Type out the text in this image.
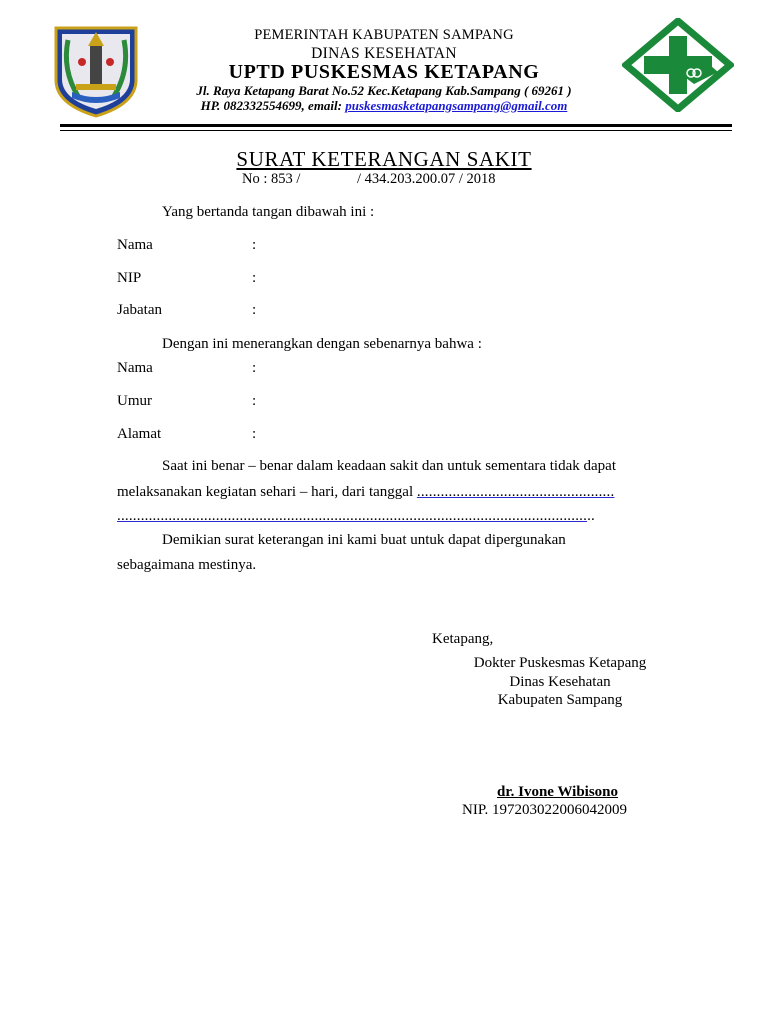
PEMERINTAH KABUPATEN SAMPANG
DINAS KESEHATAN
UPTD PUSKESMAS KETAPANG
Jl. Raya Ketapang Barat No.52 Kec.Ketapang Kab.Sampang ( 69261 )
HP. 082332554699, email: puskesmasketapangsampang@gmail.com
SURAT KETERANGAN SAKIT
No : 853 /	/ 434.203.200.07 / 2018
Yang bertanda tangan dibawah ini :
Nama	:
NIP	:
Jabatan	:
Dengan ini menerangkan dengan sebenarnya bahwa :
Nama	:
Umur	:
Alamat	:
Saat ini benar – benar dalam keadaan sakit dan untuk sementara tidak dapat
melaksanakan kegiatan sehari – hari, dari tanggal ..................................................
.........................................................................................................................
Demikian surat keterangan ini kami buat untuk dapat dipergunakan
sebagaimana mestinya.
Ketapang,
Dokter Puskesmas Ketapang
Dinas Kesehatan
Kabupaten Sampang
dr. Ivone Wibisono
NIP. 197203022006042009
